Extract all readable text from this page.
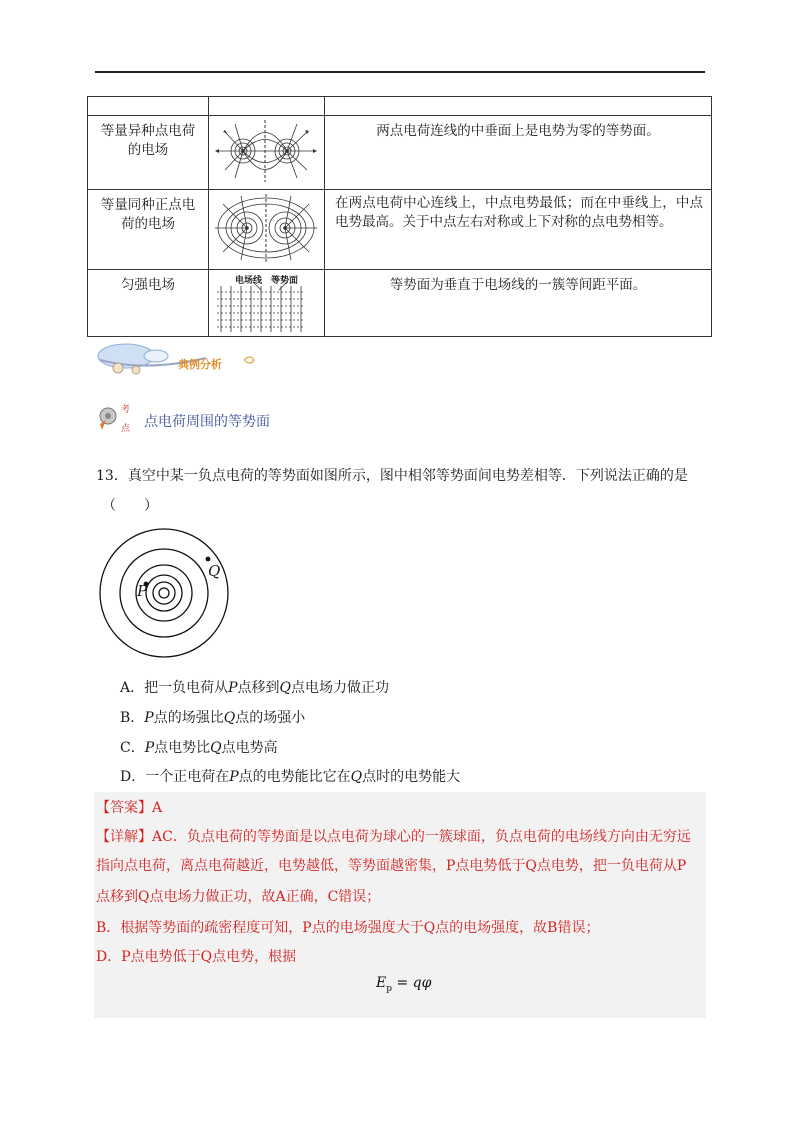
等量异种点电荷
的电场		两点电荷连线的中垂面上是电势为零的等势面。

等量同种正点电
荷的电场		在两点电荷中心连线上，中点电势最低；而在中垂线上，中点电势最高。关于中点左右对称或上下对称的点电势相等。

匀强电场	电场线 等势面	等势面为垂直于电场线的一簇等间距平面。
典例分析
考
点 点电荷周围的等势面
13．真空中某一负点电荷的等势面如图所示，图中相邻等势面间电势差相等．下列说法正确的是
（　　）
Q
P
A．把一负电荷从P点移到Q点电场力做正功
B．P点的场强比Q点的场强小
C．P点电势比Q点电势高
D．一个正电荷在P点的电势能比它在Q点时的电势能大
【答案】A
【详解】AC．负点电荷的等势面是以点电荷为球心的一簇球面，负点电荷的电场线方向由无穷远
指向点电荷，离点电荷越近，电势越低，等势面越密集，P点电势低于Q点电势，把一负电荷从P
点移到Q点电场力做正功，故A正确，C错误；
B．根据等势面的疏密程度可知，P点的电场强度大于Q点的电场强度，故B错误；
D．P点电势低于Q点电势，根据
$E_p = q\varphi$
